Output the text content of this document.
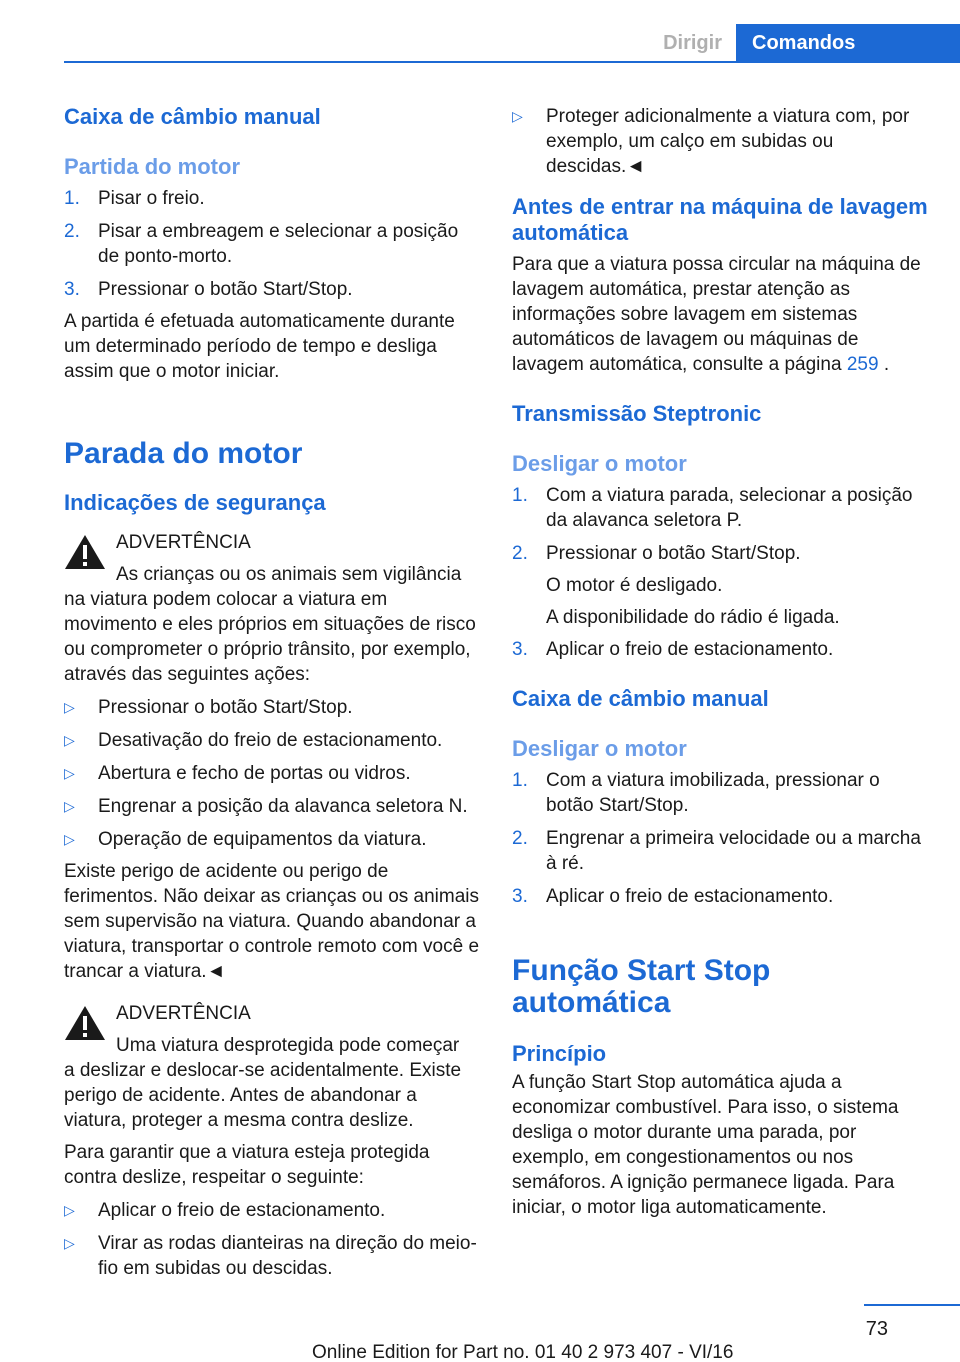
Dirigir	Comandos
Caixa de câmbio manual
Partida do motor
1. Pisar o freio.
2. Pisar a embreagem e selecionar a posição de ponto-morto.
3. Pressionar o botão Start/Stop.

A partida é efetuada automaticamente durante um determinado período de tempo e desliga assim que o motor iniciar.

Parada do motor
Indicações de segurança
ADVERTÊNCIA
As crianças ou os animais sem vigilância
na viatura podem colocar a viatura em movimento e eles próprios em situações de risco ou comprometer o próprio trânsito, por exemplo, através das seguintes ações:
▷ Pressionar o botão Start/Stop.
▷ Desativação do freio de estacionamento.
▷ Abertura e fecho de portas ou vidros.
▷ Engrenar a posição da alavanca seletora N.
▷ Operação de equipamentos da viatura.

Existe perigo de acidente ou perigo de ferimentos. Não deixar as crianças ou os animais sem supervisão na viatura. Quando abandonar a viatura, transportar o controle remoto com você e trancar a viatura.◄

ADVERTÊNCIA
Uma viatura desprotegida pode começar
a deslizar e deslocar-se acidentalmente. Existe perigo de acidente. Antes de abandonar a viatura, proteger a mesma contra deslize.

Para garantir que a viatura esteja protegida contra deslize, respeitar o seguinte:

▷ Aplicar o freio de estacionamento.
▷ Virar as rodas dianteiras na direção do meio-fio em subidas ou descidas.
▷ Proteger adicionalmente a viatura com, por exemplo, um calço em subidas ou descidas.◄
Antes de entrar na máquina de lavagem automática

Para que a viatura possa circular na máquina de lavagem automática, prestar atenção as informações sobre lavagem em sistemas automáticos de lavagem ou máquinas de lavagem automática, consulte a página 259 .

Transmissão Steptronic
Desligar o motor
1. Com a viatura parada, selecionar a posição da alavanca seletora P.
2. Pressionar o botão Start/Stop.
O motor é desligado.
A disponibilidade do rádio é ligada.
3. Aplicar o freio de estacionamento.
Caixa de câmbio manual
Desligar o motor
1. Com a viatura imobilizada, pressionar o botão Start/Stop.
2. Engrenar a primeira velocidade ou a marcha à ré.
3. Aplicar o freio de estacionamento.
Função Start Stop automática
Princípio

A função Start Stop automática ajuda a economizar combustível. Para isso, o sistema desliga o motor durante uma parada, por exemplo, em congestionamentos ou nos semáforos. A ignição permanece ligada. Para iniciar, o motor liga automaticamente.

73
Online Edition for Part no. 01 40 2 973 407 - VI/16
